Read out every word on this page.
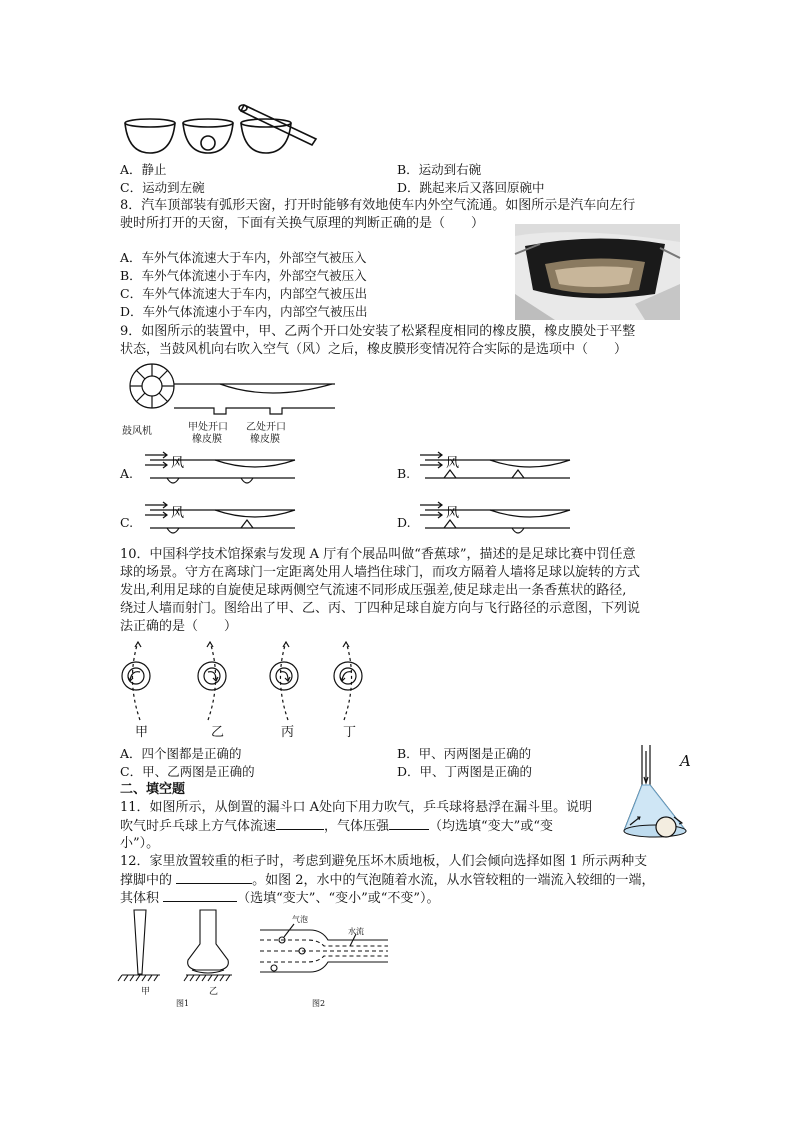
A．静止	B．运动到右碗
C．运动到左碗	D．跳起来后又落回原碗中
8．汽车顶部装有弧形天窗，打开时能够有效地使车内外空气流通。如图所示是汽车向左行
驶时所打开的天窗，下面有关换气原理的判断正确的是（　　）
A．车外气体流速大于车内，外部空气被压入
B．车外气体流速小于车内，外部空气被压入
C．车外气体流速大于车内，内部空气被压出
D．车外气体流速小于车内，内部空气被压出
9．如图所示的装置中，甲、乙两个开口处安装了松紧程度相同的橡皮膜，橡皮膜处于平整
状态，当鼓风机向右吹入空气（风）之后，橡皮膜形变情况符合实际的是选项中（　　）
鼓风机	甲处开口
橡皮膜
乙处开口
橡皮膜
A.
风
B.
风
C.
风
D.
风
10．中国科学技术馆探索与发现 A 厅有个展品叫做“香蕉球”，描述的是足球比赛中罚任意
球的场景。守方在离球门一定距离处用人墙挡住球门，而攻方隔着人墙将足球以旋转的方式
发出,利用足球的自旋使足球两侧空气流速不同形成压强差,使足球走出一条香蕉状的路径,
绕过人墙而射门。图给出了甲、乙、丙、丁四种足球自旋方向与飞行路径的示意图，下列说
法正确的是（　　）
甲	乙	丙	丁
A．四个图都是正确的	B．甲、丙两图是正确的
C．甲、乙两图是正确的	D．甲、丁两图是正确的
二、填空题
11．如图所示，从倒置的漏斗口 A处向下用力吹气，乒乓球将悬浮在漏斗里。说明
吹气时乒乓球上方气体流速	，气体压强	（均选填“变大”或“变
小”）。
A
12．家里放置较重的柜子时，考虑到避免压坏木质地板，人们会倾向选择如图 1 所示两种支
撑脚中的	。如图 2，水中的气泡随着水流，从水管较粗的一端流入较细的一端，
其体积	（选填“变大”、“变小”或“不变”）。
甲	乙
图1
气泡
水流
图2
